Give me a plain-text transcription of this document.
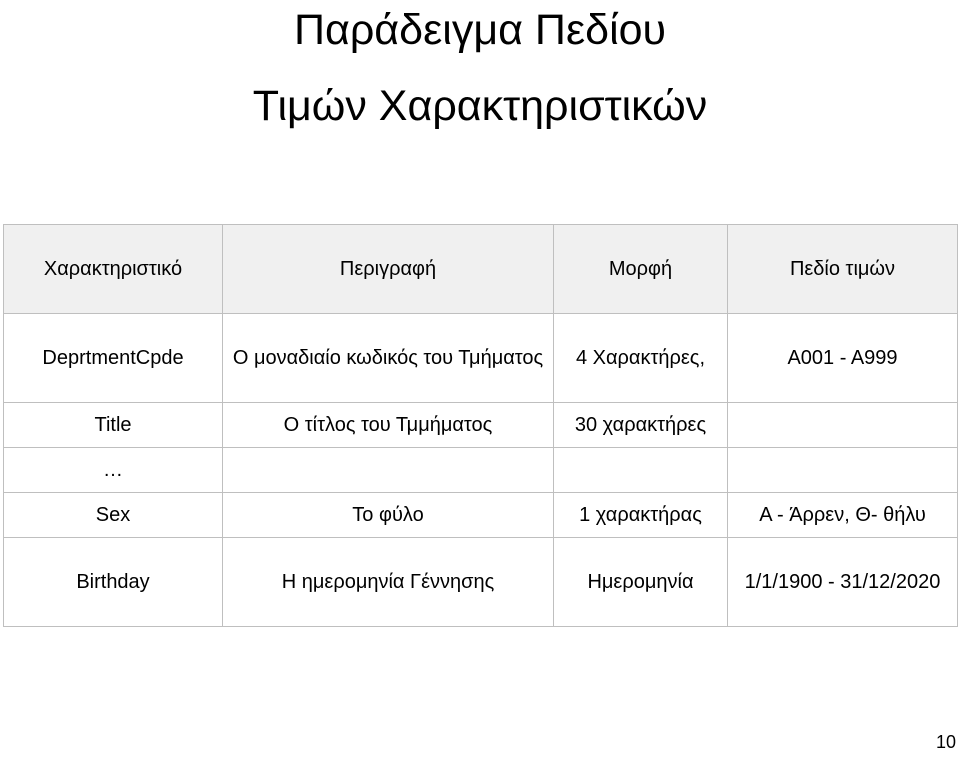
Παράδειγμα Πεδίου
Τιμών Χαρακτηριστικών
Χαρακτηριστικό	Περιγραφή	Μορφή	Πεδίο τιμών
DeprtmentCpde	Ο μοναδιαίο κωδικός του Τμήματος	4 Χαρακτήρες,	A001 - A999
Title	Ο τίτλος του Τμμήματος	30 χαρακτήρες	
…			
Sex	Το φύλο	1 χαρακτήρας	A - Άρρεν, Θ- θήλυ
Birthday	Η ημερομηνία Γέννησης	Ημερομηνία	1/1/1900 - 31/12/2020
10
